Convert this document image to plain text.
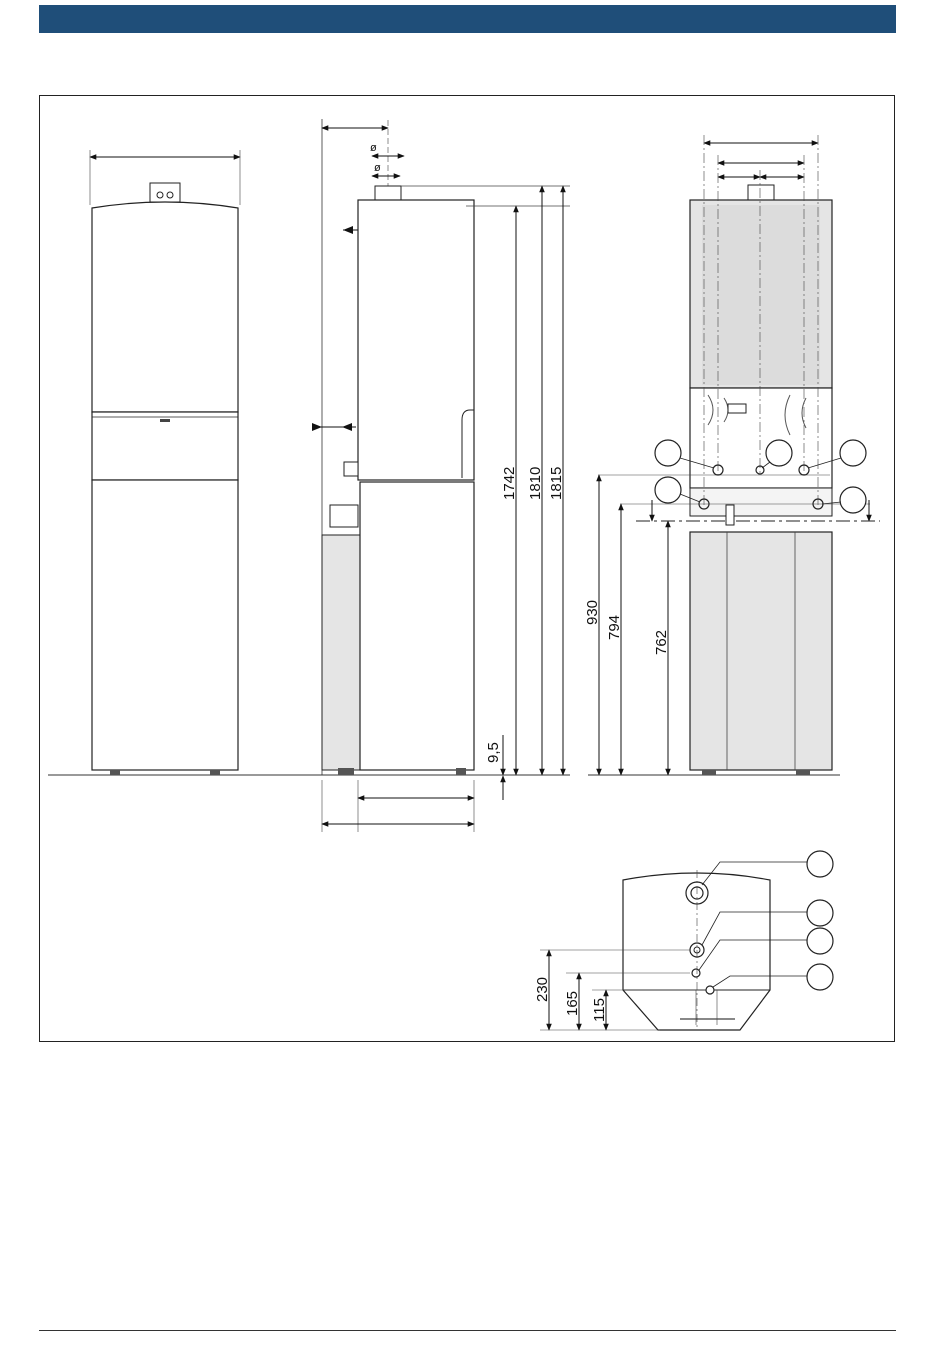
ø
ø
1742 1810 1815
9,5
930
794
762
230
165 115
